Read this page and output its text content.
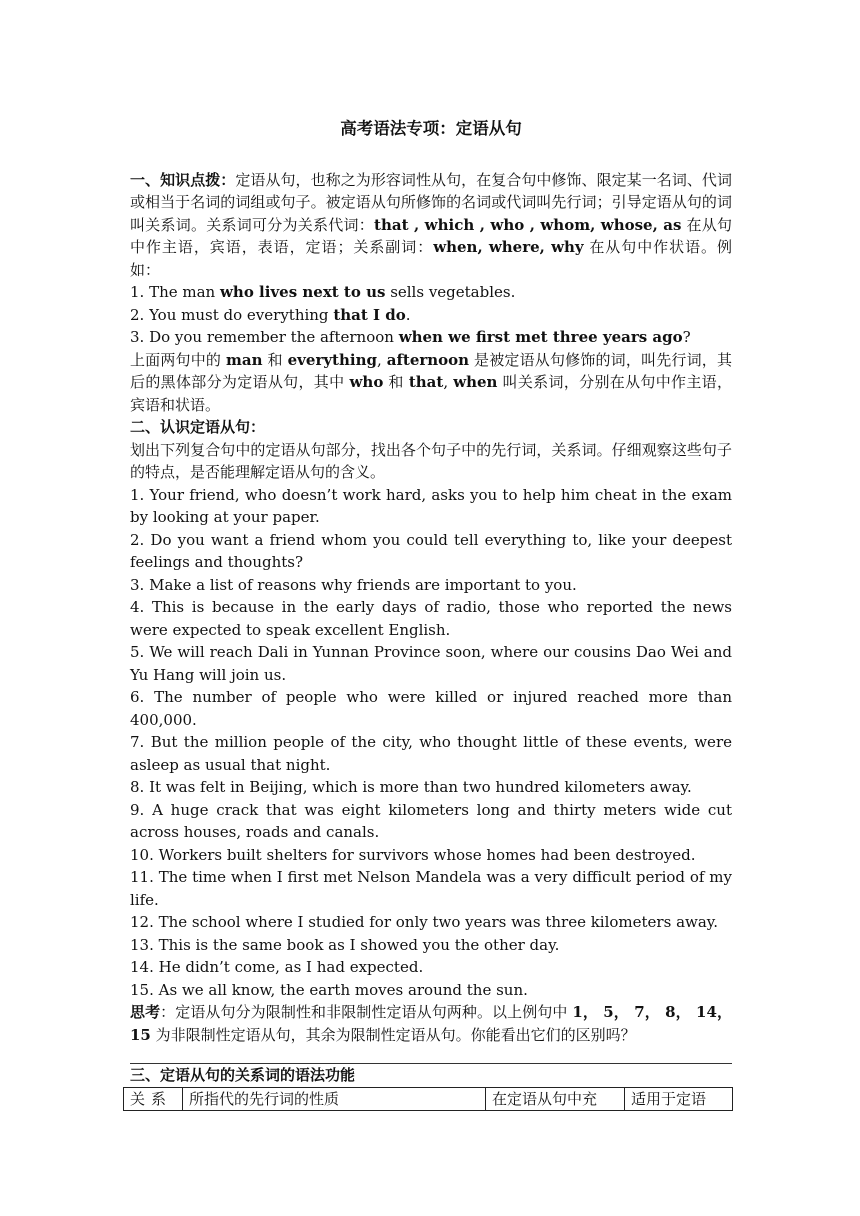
高考语法专项：定语从句

一、知识点拨：定语从句，也称之为形容词性从句，在复合句中修饰、限定某一名词、代词或相当于名词的词组或句子。被定语从句所修饰的名词或代词叫先行词；引导定语从句的词叫关系词。关系词可分为关系代词：that , which , who , whom, whose, as 在从句中作主语，宾语，表语，定语；关系副词：when, where, why 在从句中作状语。例如：

1. The man who lives next to us sells vegetables.

2. You must do everything that I do.

3. Do you remember the afternoon when we first met three years ago?

上面两句中的 man 和 everything, afternoon 是被定语从句修饰的词，叫先行词，其后的黑体部分为定语从句，其中 who 和 that, when 叫关系词，分别在从句中作主语，宾语和状语。

二、认识定语从句：

划出下列复合句中的定语从句部分，找出各个句子中的先行词，关系词。仔细观察这些句子的特点，是否能理解定语从句的含义。

1. Your friend, who doesn’t work hard, asks you to help him cheat in the exam by looking at your paper.

2. Do you want a friend whom you could tell everything to, like your deepest feelings and thoughts?

3. Make a list of reasons why friends are important to you.

4. This is because in the early days of radio, those who reported the news were expected to speak excellent English.

5. We will reach Dali in Yunnan Province soon, where our cousins Dao Wei and Yu Hang will join us.

6. The number of people who were killed or injured reached more than 400,000.

7. But the million people of the city, who thought little of these events, were asleep as usual that night.

8. It was felt in Beijing, which is more than two hundred kilometers away.

9. A huge crack that was eight kilometers long and thirty meters wide cut across houses, roads and canals.

10. Workers built shelters for survivors whose homes had been destroyed.

11. The time when I first met Nelson Mandela was a very difficult period of my life.

12. The school where I studied for only two years was three kilometers away.

13. This is the same book as I showed you the other day.

14. He didn’t come, as I had expected.

15. As we all know, the earth moves around the sun.

思考：定语从句分为限制性和非限制性定语从句两种。以上例句中 1， 5， 7， 8， 14， 15 为非限制性定语从句，其余为限制性定语从句。你能看出它们的区别吗？

三、定语从句的关系词的语法功能
关系	所指代的先行词的性质	在定语从句中充	适用于定语
